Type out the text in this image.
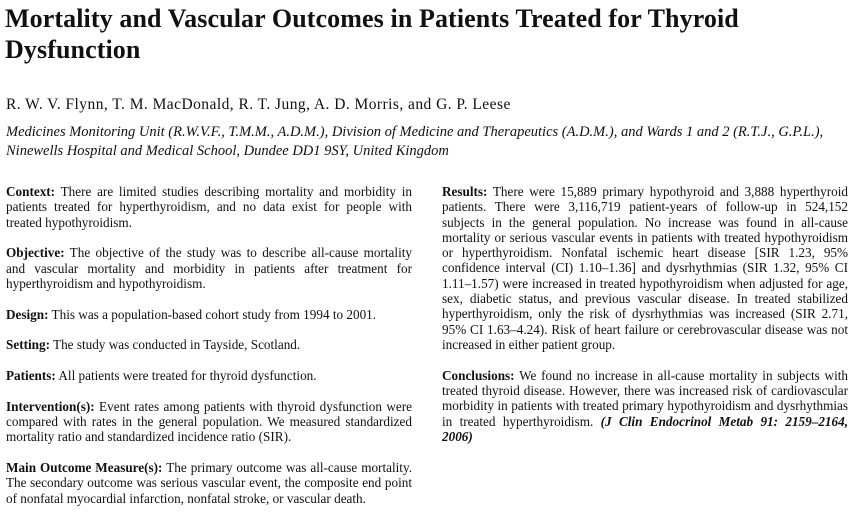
Mortality and Vascular Outcomes in Patients Treated for Thyroid Dysfunction

R. W. V. Flynn, T. M. MacDonald, R. T. Jung, A. D. Morris, and G. P. Leese

Medicines Monitoring Unit (R.W.V.F., T.M.M., A.D.M.), Division of Medicine and Therapeutics (A.D.M.), and Wards 1 and 2 (R.T.J., G.P.L.), Ninewells Hospital and Medical School, Dundee DD1 9SY, United Kingdom

Context: There are limited studies describing mortality and morbidity in patients treated for hyperthyroidism, and no data exist for people with treated hypothyroidism.

Objective: The objective of the study was to describe all-cause mortality and vascular mortality and morbidity in patients after treatment for hyperthyroidism and hypothyroidism.

Design: This was a population-based cohort study from 1994 to 2001.

Setting: The study was conducted in Tayside, Scotland.

Patients: All patients were treated for thyroid dysfunction.

Intervention(s): Event rates among patients with thyroid dysfunction were compared with rates in the general population. We measured standardized mortality ratio and standardized incidence ratio (SIR).

Main Outcome Measure(s): The primary outcome was all-cause mortality. The secondary outcome was serious vascular event, the composite end point of nonfatal myocardial infarction, nonfatal stroke, or vascular death.

Results: There were 15,889 primary hypothyroid and 3,888 hyperthyroid patients. There were 3,116,719 patient-years of follow-up in 524,152 subjects in the general population. No increase was found in all-cause mortality or serious vascular events in patients with treated hypothyroidism or hyperthyroidism. Nonfatal ischemic heart disease [SIR 1.23, 95% confidence interval (CI) 1.10–1.36] and dysrhythmias (SIR 1.32, 95% CI 1.11–1.57) were increased in treated hypothyroidism when adjusted for age, sex, diabetic status, and previous vascular disease. In treated stabilized hyperthyroidism, only the risk of dysrhythmias was increased (SIR 2.71, 95% CI 1.63–4.24). Risk of heart failure or cerebrovascular disease was not increased in either patient group.

Conclusions: We found no increase in all-cause mortality in subjects with treated thyroid disease. However, there was increased risk of cardiovascular morbidity in patients with treated primary hypothyroidism and dysrhythmias in treated hyperthyroidism. (J Clin Endocrinol Metab 91: 2159–2164, 2006)
